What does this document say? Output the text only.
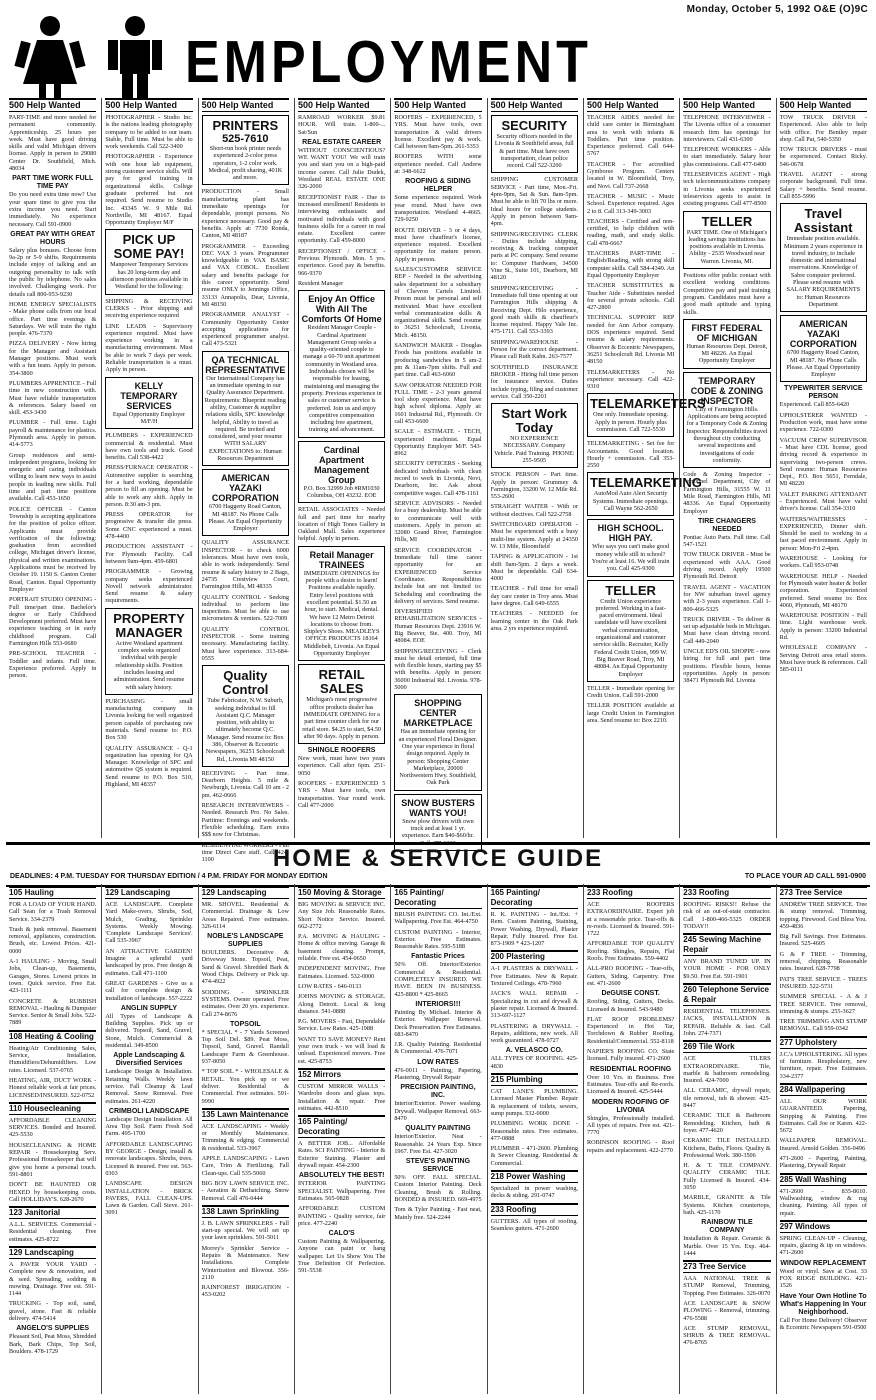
Monday, October 5, 1992 O&E (O)9C
EMPLOYMENT
500 Help Wanted
PART-TIME and more needed for permanent community. Apprenticeship. 25 hours per week. Must have good driving skills and valid Michigan drivers license. Apply in person to 29080 Center Dr. Southfield, Mich. 48034
PART TIME WORK FULL TIME PAY
Do you need extra time now? Use your spare time to give you the extra income you need. Start immediately. No experience necessary. Call 591-0900
GREAT PAY WITH GREAT HOURS
Salary plus bonuses. Choose from 9a-2p or 5-9 shifts. Requirements include enjoy of talking and an outgoing personality to talk with the public by telephone. No sales involved. Challenging work. For details call 800-953-9230
HOME ENERGY SPECIALISTS - Make phone calls from our local office. Part time evenings & Saturdays. We will train the right people. 476-7370
PIZZA DELIVERY - Now hiring for the Manager and Assistant Manager positions. Must work with a fun team. Apply in person. 354-3800
PLUMBERS APPRENTICE - Full time in new construction with. Must have reliable transportation & references. Salary based on skill. 453-3430
PLUMBER - Full time. Light payroll & maintenance for plastics. Plymouth area. Apply in person. 414-5773
Group residences and semi-independent programs, looking for energetic and caring individuals willing to learn new ways to assist people in leading new skills. Full time and part time positions available. Call 453-1650
POLICE OFFICER - Canton Township is accepting applications for the position of police officer. Applicants must provide verification of the following: graduation from accredited college, Michigan driver's license, physical and written examinations. Applications must be received by October 19. 1150 S. Canton Center Road, Canton. Equal Opportunity Employer
PORTRAIT STUDIO OPENING - Full time/part time. Bachelor's degree or Early Childhood Development preferred. Must have experience teaching or in early childhood program. Call Farmington Hills 553-0680
PRE-SCHOOL TEACHER - Toddler and infants. Full time. Experience preferred. Apply in person.
500 Help Wanted
PHOTOGRAPHER - Studio Inc. is the nations leading photography company to be added to our team. Stable, Full time. Must be able to work weekends. Call 522-3400
PHOTOGRAPHER - Experience with one hour lab equipment, strong customer service skills. Will pay for good training in organizational skills. College graduate preferred but not required. Send resume to Studio Inc. 43345 W. 9 Mile Rd. Northville, MI 48167. Equal Opportunity Employer M/F
PICK UP SOME PAY!
Manpower Temporary Services has 20 long-term day and afternoon positions available in Westland for the following:
SHIPPING & RECEIVING CLERKS - Prior shipping and receiving experience required
LINE LEADS - Supervisory experience required. Must have experience working in a manufacturing environment. Must be able to work 7 days per week. Reliable transportation is a must. Apply in person.
KELLY TEMPORARY SERVICES
Equal Opportunity Employer M/F/H
PLUMBERS - EXPERIENCED commercial & residential. Must have own tools and truck. Good benefits. Call 538-4422
PRESS/FURNACE OPERATOR - Automotive supplier is searching for a hard working, dependable person to fill an opening. Must be able to work any shift. Apply in person. 8:30 am-3 pm.
PRESS OPERATOR for progressive & transfer die press. Some CNC experienced a must. 478-4400
PRODUCTION ASSISTANT - For Plymouth Facility. Call between 9am-4pm. 459-6801
PROGRAMMER - Growing company seeks experienced Novell network administrator. Send resume & salary requirements.
PROPERTY MANAGER
Active Westland apartment complex seeks organized individual with people relationship skills. Position includes leasing and administration. Send resume with salary history.
PURCHASING - small manufacturing company in Livonia looking for well organized person capable of purchasing raw materials. Send resume to: P.O. Box 530
QUALITY ASSURANCE - Q-1 organization has opening for QA Manager. Knowledge of SPC and automotive QS system is required. Send resume to P.O. Box 510, Highland, MI 48357
500 Help Wanted
PRINTERS
525-7610
Short-run book printer needs experienced 2-color press operators, 1-2 color work. Medical, profit sharing, 401K and more.
PRODUCTION - Small manufacturing plant has immediate openings for dependable, prompt persons. No experience necessary. Good pay & benefits. Apply at: 7730 Ronda, Canton, MI 48187
PROGRAMMER - Exceeding DEC VAX 3 years. Programmer knowledgeable in VAX BASIC and VAX COBOL. Excellent salary and benefits package for this career opportunity. Send resume ONLY to Jennings Office, 33133 Annapolis, Dear, Livonia, MI 48150
PROGRAMMER ANALYST - Community Opportunity Center accepting applications for experienced programmer analyst. Call 473-5321
QA TECHNICAL REPRESENTATIVE
Our International Company has an immediate opening in our Quality Assurance Department. Requirements: Blueprint reading ability, Customer & supplier relations skills, SPC knowledge helpful, Ability to travel as required. Be invited and considered, send your resume WITH SALARY EXPECTATIONS to: Human Resources Department
AMERICAN YAZAKI CORPORATION
6700 Haggerty Road Canton, MI 48187. No Phone Calls Please. An Equal Opportunity Employer
QUALITY ASSURANCE INSPECTOR - to check 6000 tolerances. Must have own tools, able to work independently. Send resume & salary history to 2 Bags, 24735 Crestview Court, Farmington Hills, MI 48335
QUALITY CONTROL - Seeking individual to perform line inspections. Must be able to use micrometers & verniers. 522-7009
QUALITY CONTROL INSPECTOR - Some training necessary. Manufacturing facility. Must have experience. 313-684-0555
Quality Control
Tube Fabricator, N.W. Suburb, seeking individual to fill Assistant Q.C. Manager position, with ability to ultimately become Q.C. Manager. Send resume to: Box 386, Observer & Eccentric Newspapers, 36251 Schoolcraft Rd., Livonia MI 48150
RECEIVING - Part time. Dearborn Heights. 5 mile & Newburgh, Livonia. Call 10 am - 2 pm. 462-0666
RESEARCH INTERVIEWERS - Needed. Research Pro. No Sales. Parttime: Evenings and weekends. Flexible scheduling. Earn extra $$$ now for Christmas.
RESIDENTIAL WORKERS - Full time Direct Care staff. Call 424-1100
500 Help Wanted
RAMROAD WORKER $9.81 HOUR. Will train. 1-800-... Sat/Sun
REAL ESTATE CAREER
WITHOUT CONSCIENTIOUS? WE WANT YOU! We will train you and start you on a high-paid income career. Call Julie Dudek, Westland REAL ESTATE ONE 326-2000
RECEPTIONIST FAIR - Due to increased enrollment! Residents to interviewing enthusiastic and motivated individuals with good business skills for a career in real estate. Excellent career opportunity. Call 459-8000
RECEPTIONIST / OFFICE - Previous Plymouth. Mon. 5 yrs. experience. Good pay & benefits. 966-9370
Resident Manager
Enjoy An Office With All The Comforts Of Home
Resident Manager Couple - Cardinal Apartment Management Group seeks a quality-oriented couple to manage a 60-70 unit apartment community in Westland area. Individuals chosen will be responsible for leasing, maintaining and managing the property. Previous experience in sales or customer service is preferred. Join us and enjoy competitive compensation including free apartment, training and advancement.
Cardinal Apartment Management Group
P.O. Box 32999 Job #RM1030 Columbus, OH 43232. EOE
RETAIL ASSOCIATES - Needed full and part time for nearby location of High Tones Gallery in Oakland Mall. Sales experience helpful. Apply in person.
Retail Manager TRAINEES
IMMEDIATE OPENINGS for people with a desire to learn! Positions available rapidly. Entry level positions with excellent potential. $1.50 an hour, to start. Medical, dental. We have 12 Metro Detroit locations to choose from. Shipley's Shoes. MEADLEYS OFFICE PRODUCTS 18164 Middlebelt, Livonia. An Equal Opportunity Employer
RETAIL SALES
Michigan's most progressive office products dealer has IMMEDIATE OPENING for a part time counter clerk for our retail store. $4.25 to start, $4.50 after 90 days. Apply in person.
SHINGLE ROOFERS
New work, must have two years experience. Call after 6pm. 251-9050
ROOFERS - EXPERIENCED 5 YRS - Must have tools, own transportation. Year round work. Call 477-2000
500 Help Wanted
ROOFERS - EXPERIENCED, 5 YRS. Must have tools, own transportation & valid drivers license. Excellent pay & work. Call between 9am-5pm. 261-5353
ROOFERS WITH some experience needed. Call Andrew at: 348-6622
ROOFING & SIDING HELPER
Some experience required. Work year round. Must have own transportation. Westland 4-4665. 729-9250
ROUTE DRIVER - 3 or 4 days, must have chauffeur's license, experience required. Excellent opportunity for mature person. Apply in person.
SALES/CUSTOMER SERVICE REP - Needed in the advertising sales department for a subsidiary of Chevron Cartels Limited. Person must be personal and self motivated. Must have excellent verbal communication skills & organizational skills. Send resume to 36251 Schoolcraft, Livonia, Mich. 48150.
SANDWICH MAKER - Douglas Foods has positions available in producing sandwiches in 5 am-2 pm & 11am-7pm shifts. Full and part time. Call 463-6060
SAW OPERATOR NEEDED FOR FULL TIME - 2-3 years general tool shop experience. Must have high school diploma. Apply at: 1601 Industrial Rd., Plymouth. Or call 453-6600
SCALE - ESTIMATE - TECH, experienced machinist. Equal Opportunity Employer M/F. 543-8962
SECURITY OFFICERS - Seeking dedicated individuals with clean record to work in Livonia, Novi, Dearborn, Inc. Ask about competitive wages. Call 478-1161
SERVICE ADVISORS - Needed for a busy dealership. Must be able to communicate well with customers. Apply in person at: 32080 Grand River, Farmington Hills, MI
SERVICE COORDINATOR - Immediate full time career opportunity for an EXPERIENCED Service Coordinator. Responsibilities include but are not limited to: Scheduling and coordinating the delivery of services. Send resume.
DIVERSIFIED REHABILITATION SERVICES - Human Resources Dept. 23916 W. Big Beaver, Ste. 400. Troy, MI 48084. EOE
SHIPPING/RECEIVING - Clerk must be detail oriented, full time with flexible hours, starting pay $5 with benefits. Apply in person: 36000 Industrial Rd. Livonia. 978-5000
SHOPPING CENTER MARKETPLACE
Has an immediate opening for an experienced Floral Designer. One year experience in floral design required. Apply in person: Shopping Center Marketplace, 20000 Northwestern Hwy. Southfield, Oak Park
SNOW BUSTERS WANTS YOU!
Snow plow drivers with own truck and at least 1 yr. experience. Earn $40-$60/hr. Call 477-6200
500 Help Wanted
SECURITY
Security officers needed in the Livonia & Southfield areas, full & part time. Must have own transportation, clean police record. Call 522-3200
SHIPPING CUSTOMER SERVICE - Part time, Mon.-Fri. 4pm-9pm, Sat & Sun. 8am-5pm. Must be able to lift 70 lbs or more. Ideal hours for college students. Apply in person between 9am-4pm.
SHIPPING/RECEIVING CLERK - Duties include shipping, receiving & tracking computer parts at PC company. Send resume to: Computer Hardware, 34500 Vine St., Suite 101, Dearborn, MI 48120
SHIPPING/RECEIVING - Immediate full time opening at our Farmington Hills shipping & Receiving Dept. Hilo experience, good math skills & chauffeur's license required. Happy Vale Inc. 475-1711. Call 553-3393
SHIPPING/WAREHOUSE - Person for the correct department. Please call Ruth Kahn. 263-7577
SOUTHFIELD INSURANCE BROKER - Hiring full time person for insurance service. Duties include typing, filing and customer service. Call 350-2201
Start Work Today
NO EXPERIENCE NECESSARY. Company Vehicle. Paid Training. PHONE: 255-9505
STOCK PERSON - Part time. Apply in person: Grummey & Farmington, 33200 W. 12 Mile Rd. 553-2600
STRAIGHT WAITER - With or without electives. Call 522-2758
SWITCHBOARD OPERATOR - Must be experienced with a busy multi-line system. Apply at 24350 W. 13 Mile, Bloomfield
TAPING & APPLICATION - 1st shift 9am-5pm. 2 days a week. Must be dependable. Call 634-4000
TEACHER - Full time for small day care center in Troy area. Must have degree. Call 649-6555
TEACHERS - NEEDED for learning center in the Oak Park area. 2 yrs experience required.
500 Help Wanted
TEACHER AIDES needed for child care center in Birmingham area to work with infants & Toddlers. Part time position. Experience preferred. Call 644-5767
TEACHER - For accredited Gymboree Program. Centers located in W. Bloomfield, Troy, and Novi. Call 737-2668
TEACHER - MUSIC - Music School. Experience required. Ages 2 to 8. Call 313-349-3003
TEACHERS - Certified and non-certified, to help children with reading, math, and study skills. Call 478-6667
TEACHERS PART-TIME - English/Reading, with strong skill computer skills. Call 584-4349. An Equal Opportunity Employer
TEACHER SUBSTITUTES & Teacher Aide - Substitutes needed for several private schools. Call 427-2800
TECHNICAL SUPPORT REP needed for Ann Arbor company. DOS experience required. Send resume & salary requirements. Observer & Eccentric Newspapers, 36251 Schoolcraft Rd. Livonia MI 48150
TELEMARKETERS - No experience necessary. Call 422-9310
TELEMARKETERS
One only. Immediate opening. Apply in person. Hourly plus commission. Call 722-5530
TELEMARKETING - Set fee for Accountants. Good location. Hourly + commission. Call 353-2550
TELEMARKETING
AutoMod Auto Alert Security Systems. Immediate openings. Call Wayne 562-2650
HIGH SCHOOL. HIGH PAY.
Who says you can't make good money while still in school? You're at least 16. We will train you. Call 425-9300
TELLER
Credit Union experience preferred. Working in a fast-paced environment. Ideal candidate will have excellent verbal communication, organizational and customer service skills. Recruiter, Kelly Federal Credit Union, 999 W. Big Beaver Road, Troy, MI 48084. An Equal Opportunity Employer
TELLER - Immediate opening for Credit Union. Call 591-2000
TELLER POSITION available at large Credit Union in Farmington area. Send resume to: Box 2210.
500 Help Wanted
TELEPHONE INTERVIEWER - The Livonia office of a consumer research firm has openings for interviewers. Call 431-6300
TELEPHONE WORKERS - Able to start immediately. Salary hour plus commissions. Call 477-6400
TELESERVICES AGENT - High tech telecommunications company in Livonia seeks experienced teleservices agents to assist in existing programs. Call 477-8500
TELLER
PART TIME. One of Michigan's leading savings institutions has positions available in Livonia. Ability - 2535 Woodward near Warren. Livonia, MI.
Positions offer public contact with excellent working conditions. Competitive pay and paid training program. Candidates must have a good math aptitude and typing skills.
FIRST FEDERAL OF MICHIGAN
Human Resources Dept. Detroit, MI 48226. An Equal Opportunity Employer
TEMPORARY CODE & ZONING INSPECTOR
City of Farmington Hills. Applications are being accepted for a Temporary Code & Zoning Inspector. Responsibilities travel throughout city conducting several inspections and investigations of code conformity.
Code & Zoning Inspector - Personnel Department, City of Farmington Hills, 31555 W. 11 Mile Road, Farmington Hills, MI 48336. An Equal Opportunity Employer
TIRE CHANGERS NEEDED
Pontiac Auto Parts. Full time. Call 547-1521
TOW TRUCK DRIVER - Must be experienced with AAA. Good driving record. Apply 19500 Plymouth Rd. Detroit
TRAVEL AGENT - VACATION for NW suburban travel agency with 2-3 years experience. Call 1-800-466-5325
TRUCK DRIVER - To deliver & set up adjustable beds in Michigan. Must have clean driving record. Call 449-2040
UNCLE ED'S OIL SHOPPE - now hiring for full and part time positions. Flexible hours, bonus opportunities. Apply in person: 38471 Plymouth Rd. Livonia
500 Help Wanted
TOW TRUCK DRIVER - Experienced. Also able to help with office. For Bentley repair shop. Call Pat, 540-5350
TOW TRUCK DRIVERS - must be experienced. Contact Ricky. 546-0678
TRAVEL AGENT - strong corporate background. Full time. Salary + benefits. Send resume. Call 855-5996
Travel Assistant
Immediate position available. Minimum 2 years experience in travel industry, to include domestic and international reservations. Knowledge of Sabre computer preferred. Please send resume with SALARY REQUIREMENTS to: Human Resources Department
AMERICAN YAZAKI CORPORATION
6700 Haggerty Road Canton, MI 48187. No Phone Calls Please. An Equal Opportunity Employer
TYPEWRITER SERVICE PERSON
Experienced. Call 855-6420
UPHOLSTERER WANTED - Production work, must have some experience. 722-0300
VACUUM CREW SUPERVISOR - Must have CDL license, good driving record & experience in supervising two-person crews. Send resume: Human Resources Dept., P.O. Box 5651, Ferndale, MI 48220
VALET PARKING ATTENDANT - Experienced. Must have valid driver's license. Call 354-3310
WAITERS/WAITRESSES - EXPERIENCED, Dinner shift. Should be used to working in a fast paced environment. Apply in person: Mon-Fri 2-4pm.
WAREHOUSE - Looking for workers. Call 953-0748
WAREHOUSE HELP - Needed for Plymouth water heater & boiler corporation. Experienced preferred. Send resume to: Box 4060, Plymouth, MI 48170
WAREHOUSE POSITION - Full time. Light warehouse work. Apply in person: 33200 Industrial Rd.
WHOLESALE COMPANY - Serving Detroit area retail stores. Must have truck & references. Call 585-0111
HOME & SERVICE GUIDE
DEADLINES: 4 P.M. TUESDAY FOR THURSDAY EDITION / 4 P.M. FRIDAY FOR MONDAY EDITION	TO PLACE YOUR AD CALL 591-0900
105 Hauling
FOR A LOAD OF YOUR HAND. Call Sean for a Trash Removal Service. 334-2379
Trash & junk removal. Basement removal, appliances, construction. Brush, etc. Lowest Prices. 421-0000
A-1 HAULING - Moving, Small Jobs, Clean-up, Basements, Garages, Stores. Lowest prices in town. Quick service. Free Est. 423-1111
CONCRETE & RUBBISH REMOVAL - Hauling & Dumpster Service. Senior & Small Jobs. 522-7889
108 Heating & Cooling
Heating/Air Conditioning Sales, Service, Installation. Humidifiers/Dehumidifiers. Low rates. Licensed. 537-0765
HEATING, AIR, DUCT WORK - Honest reliable work at fair prices. LICENSED/INSURED. 522-0752
110 Housecleaning
AFFORDABLE CLEANING SERVICES. Bonded and Insured. 425-5530
HOUSECLEANING & HOME REPAIR - Housekeeping Serv. Professional Housekeeper that will give you home a personal touch. 591-8801
DON'T BE HAUNTED OR HEXED by housekeeping costs. Call HOLLIDAY'S. 628-2670
123 Janitorial
A.L.L. SERVICES. Commercial - Residential cleaning. Free estimates. 425-8722
129 Landscaping
A PAVER YOUR YARD - Complete new & renovation, sod & seed. Spreading, sodding & mowing. Drainage. Free est. 591-1144
TRUCKING - Top soil, sand, gravel, stone. Fast & reliable delivery. 474-5414
ANGELO'S SUPPLIES
Pleasant Soil, Peat Moss, Shredded Bark, Bark Chips, Top Soil, Boulders. 478-1729
129 Landscaping
ACE LANDSCAPE. Complete Yard Make-overs. Shrubs, Sod, Mulch, Grading, Sprinkler Systems. Weekly Mowing. 'Complete Landscape Services'. Call 535-3967
AN ATTRACTIVE GARDEN! Imagine a splendid yard landscaped by pros. Free design & estimates. Call 471-1100
GREAT GARDENS - Give us a call for complete design & installation of landscape. 557-2222
ANGLIN SUPPLY
All Types of Landscape & Building Supplies. Pick up or delivered. Topsoil, Sand, Gravel, Stone, Mulch. Commercial & residential. 349-8500
Apple Landscaping & Diversified Services
Landscape Design & Installation. Retaining Walls. Weekly lawn service. Fall Cleanup & Leaf Removal. Snow Removal. Free estimates. 261-4220
CRIMBOLI LANDSCAPE
Landscape Design Installation. All Area Top Soil. Farm Fresh Sod Farm. 495-1700
AFFORDABLE LANDSCAPING BY GEORGE - Design, install & renovate landscapes. Shrubs, trees. Licensed & insured. Free est. 563-0303
LANDSCAPE DESIGN INSTALLATION - BRICK PAVERS, FALL CLEAN-UPS. Lawn & Garden. Call Steve. 261-3091
129 Landscaping
MR. SHOVEL. Residential & Commercial. Drainage & Low Areas Repaired. Free estimates. 326-6114
NOBLE'S LANDSCAPE SUPPLIES
BOULDERS. Decorative & Driveway Stone. Topsoil, Peat, Sand & Gravel. Shredded Bark & Wood Chips. Delivery or Pick up. 474-4922
SODDING - SPRINKLER SYSTEMS. Owner operated. Free estimates. Over 20 yrs. experience. Call 274-8676
TOPSOIL
* SPECIAL * - 7 Yards Screened Top Soil Del. $89. Peat Moss, Topsoil, Sand, Gravel. Randall Landscape Farm & Greenhouse. 937-8050
* TOP SOIL * - WHOLESALE & RETAIL. You pick up or we deliver. Residential & Commercial. Free estimates. 591-9990
135 Lawn Maintenance
ACE LANDSCAPING - Weekly or Monthly Maintenance. Trimming & edging. Commercial & residential. 533-3967
APPLE LANDSCAPING - Lawn Care, Trim & Fertilizing. Fall Clean-ups. Call 535-5060
BIG BOY LAWN SERVICE INC. - Aeration & Dethatching. Snow Removal. Call 476-0444
138 Lawn Sprinkling
J. B. LAWN SPRINKLERS - Fall start-up special. We will set up your lawn sprinklers. 591-5011
Morrey's Sprinkler Service - Repairs & Maintenance. New Installations. Complete Winterization and Blowout. 356-2110
RAINFOREST IRRIGATION - 453-0202
150 Moving & Storage
BIG MOVING & SERVICE INC. Any Size Job. Reasonable Rates. Short Notice Service. Insured. 662-2772
P.A. MOVING & HAULING - Home & office moving. Garage & basement cleaning. Prompt, reliable. Free est. 454-0650
INDEPENDENT MOVING. Free Estimates. Licensed. 532-0000
LOW RATES - 646-0133
JOHNS MOVING & STORAGE. Along Detroit. Local & long distance. 541-0888
P.G. MOVERS - Fast, Dependable Service. Low Rates. 425-1988
WANT TO SAVE MONEY? Rent your own truck - we will load & unload. Experienced movers. Free est. 425-8753
152 Mirrors
CUSTOM MIRROR WALLS - Wardrobe doors and glass tops. Installation & repair. Free estimates. 442-8510
165 Painting/ Decorating
A BETTER JOB... Affordable Rates. SCI PAINTING - Interior & Exterior Staining. Plaster and drywall repair. 454-2300
ABSOLUTELY THE BEST!
INTERIOR PAINTING SPECIALIST. Wallpapering. Free Estimates. 565-0828
AFFORDABLE CUSTOM PAINTING - Quality service, fair price. 477-2240
CALO'S
Custom Painting & Wallpapering. Anyone can paint or hang wallpaper. Let Us Show You The True Definition Of Perfection. 591-5538
165 Painting/ Decorating
BRUSH PAINTING CO. Int./Ext. Wallpapering. Free Est. 464-4750
CUSTOM PAINTING - Interior, Exterior. Free Estimates. Reasonable Rates. 595-5188
Fantastic Prices
50% Off. Interior/Exterior. Commercial & Residential. COMPLETELY INSURED. WE HAVE BEEN IN BUSINESS. 425-8800 * 425-8665
INTERIORS!!!
Painting By Michael. Interior & Exterior. Wallpaper Removal. Deck Preservation. Free Estimates. 683-8470
J.R. Quality Painting. Residential & Commercial. 476-7071
LOW RATES
476-0011 - Painting, Papering, Plastering, Drywall Repair
PRECISION PAINTING, INC.
Interior/Exterior. Power washing. Drywall. Wallpaper Removal. 663-8470
QUALITY PAINTING
Interior/Exterior. Neat - Reasonable. 24 Years Exp. Since 1967. Free Est. 427-3020
STEVE'S PAINTING SERVICE
50% OFF. FALL SPECIAL. Custom Interior Painting. Deck Cleaning, Brush & Rolling. BONDED & INSURED. 669-4975
Tom & Tyler Painting - Fast neat, Mainly free. 524-2244
165 Painting/ Decorating
R. K. PAINTING - Int./Ext. + Rem. Custom Painting, Staining, Power Washing, Drywall, Plaster Repair. Fully Insured. Free Est. 873-1909 * 423-1207
200 Plastering
A-1 PLASTERS & DRYWALL - Free Estimates. New & Repair. Textured Ceilings. 478-7960
JACK'S WALL REPAIR - Specializing in cut and drywall & plaster repair. Licensed & Insured. 313-697-1127
PLASTERING & DRYWALL - Repairs, additions, new work. All work guaranteed. 478-0727
A. VELASCO CO.
ALL TYPES OF ROOFING. 425-4830
215 Plumbing
CAT LANE'S PLUMBING. Licensed Master Plumber. Repair & replacement of toilets, sewers, sump pumps. 532-0000
PLUMBING WORK DONE - Reasonable rates. Free estimates. 477-0888
PLUMBER - 471-2600. Plumbing & Sewer Cleaning. Residential & Commercial.
218 Power Washing
Specialized in power washing, decks & siding. 291-0747
233 Roofing
GUTTERS. All types of roofing. Seamless gutters. 471-2600
233 Roofing
ACE ROOFERS EXTRAORDINAIRE. Expert job at a reasonable price. Tear-offs & re-roofs. Licensed & Insured. 591-1722
AFFORDABLE TOP QUALITY Roofing. Shingles, Repairs, Flat Roofs. Free Estimates. 559-4402
ALL-PRO ROOFING - Tear-offs, Gutters, Siding, Carpentry. Free est. 471-2600
DeGUISE CONST.
Roofing, Siding, Gutters, Decks. Licensed & Insured. 543-9480
FLAT ROOF PROBLEMS? Experienced in Hot Tar, Torchdown & Rubber Roofing. Residential/Commercial. 552-8118
NAPIER'S ROOFING CO. State licensed. Fully insured. 471-2600
RESIDENTIAL ROOFING
Over 10 Yrs. in Business. Free Estimates. Tear-offs and Re-roofs. Licensed & Insured. 425-5444
MODERN ROOFING OF LIVONIA
Shingles, Professionally installed. All types of repairs. Free est. 421-7770
ROBINSON ROOFING - Roof repairs and replacement. 422-2770
233 Roofing
ROOFING RISKS!! Refuse the risk of an out-of-state contractor. Call 1-800-466-5325 ORDER TODAY!!
245 Sewing Machine Repair
ANY BRAND TUNED UP. IN YOUR HOME - FOR ONLY $9.50. Free Est. 591-1901
260 Telephone Service & Repair
RESIDENTIAL TELEPHONES. JACKS, INSTALLATION & REPAIR. Reliable & fast. Call John. 274-7371
269 Tile Work
ACE TILERS EXTRAORDINAIRE. Tile, marble & bathroom remodeling. Insured. 424-7000
ALL CERAMIC, drywall repair, tile removal, tub & shower. 425-8447
CERAMIC TILE & Bathroom Remodeling. Kitchen, bath & foyer. 477-4620
CERAMIC TILE INSTALLED. Kitchens, Baths, Floors. Quality & Professional Work. 380-3506
H. & T. TILE COMPANY. QUALITY CERAMIC TILE. Fully Licensed & Insured. 434-3050
MARBLE, GRANITE & Tile Systems. Kitchen countertops, bath. 425-1170
RAINBOW TILE COMPANY
Installation & Repair. Ceramic & Marble. Over 15 Yrs. Exp. 464-1444
273 Tree Service
AAA NATIONAL TREE & STUMP Removal, Trimming, Topping. Free Estimates. 326-0070
ACE LANDSCAPE & SNOW PLOWING - Removal, trimming. 476-5588
ACE STUMP REMOVAL, SHRUB & TREE REMOVAL. 476-8765
273 Tree Service
ANDREW TREE SERVICE. Tree & stump removal. Trimming, topping. Firewood. God Bless You. 459-4836
Big Fall Savings. Free Estimates. Insured. 525-4605
G & F TREE - Trimming, removal, chipping. Reasonable rates. Insured. 628-7798
PAT'S TREE SERVICE - TREES INSURED. 522-5731
SUMMER SPECIAL - A & J TREE SERVICE. Tree removal, trimming & stumps. 255-3627
TREE TRIMMING AND STUMP REMOVAL. Call 959-0342
277 Upholstery
J.C.'s UPHOLSTERING. All types of furniture. Reupholstery, new furniture, repair. Free Estimates. 334-2377
284 Wallpapering
ALL OUR WORK GUARANTEED. Papering, Stripping & Painting. Free Estimates. Call Joe or Karen. 422-5672
WALLPAPER REMOVAL. Insured. Arnold Golden. 356-0496
471-2600 - Papering, Painting, Plastering, Drywall Repair
285 Wall Washing
471-2600 - 835-8610. Wallwashing, window & rug cleaning. Painting. All types of repair.
297 Windows
SPRING CLEAN-UP - Cleaning, repairs, glazing & tip on windows. 471-2600
WINDOW REPLACEMENT
Wood or vinyl. Save at Cost. 33 FOX RIDGE BUILDING. 421-1526
Have Your Own Hotline To What's Happening In Your Neighborhood.
Call For Home Delivery! Observer & Eccentric Newspapers 591-0500
